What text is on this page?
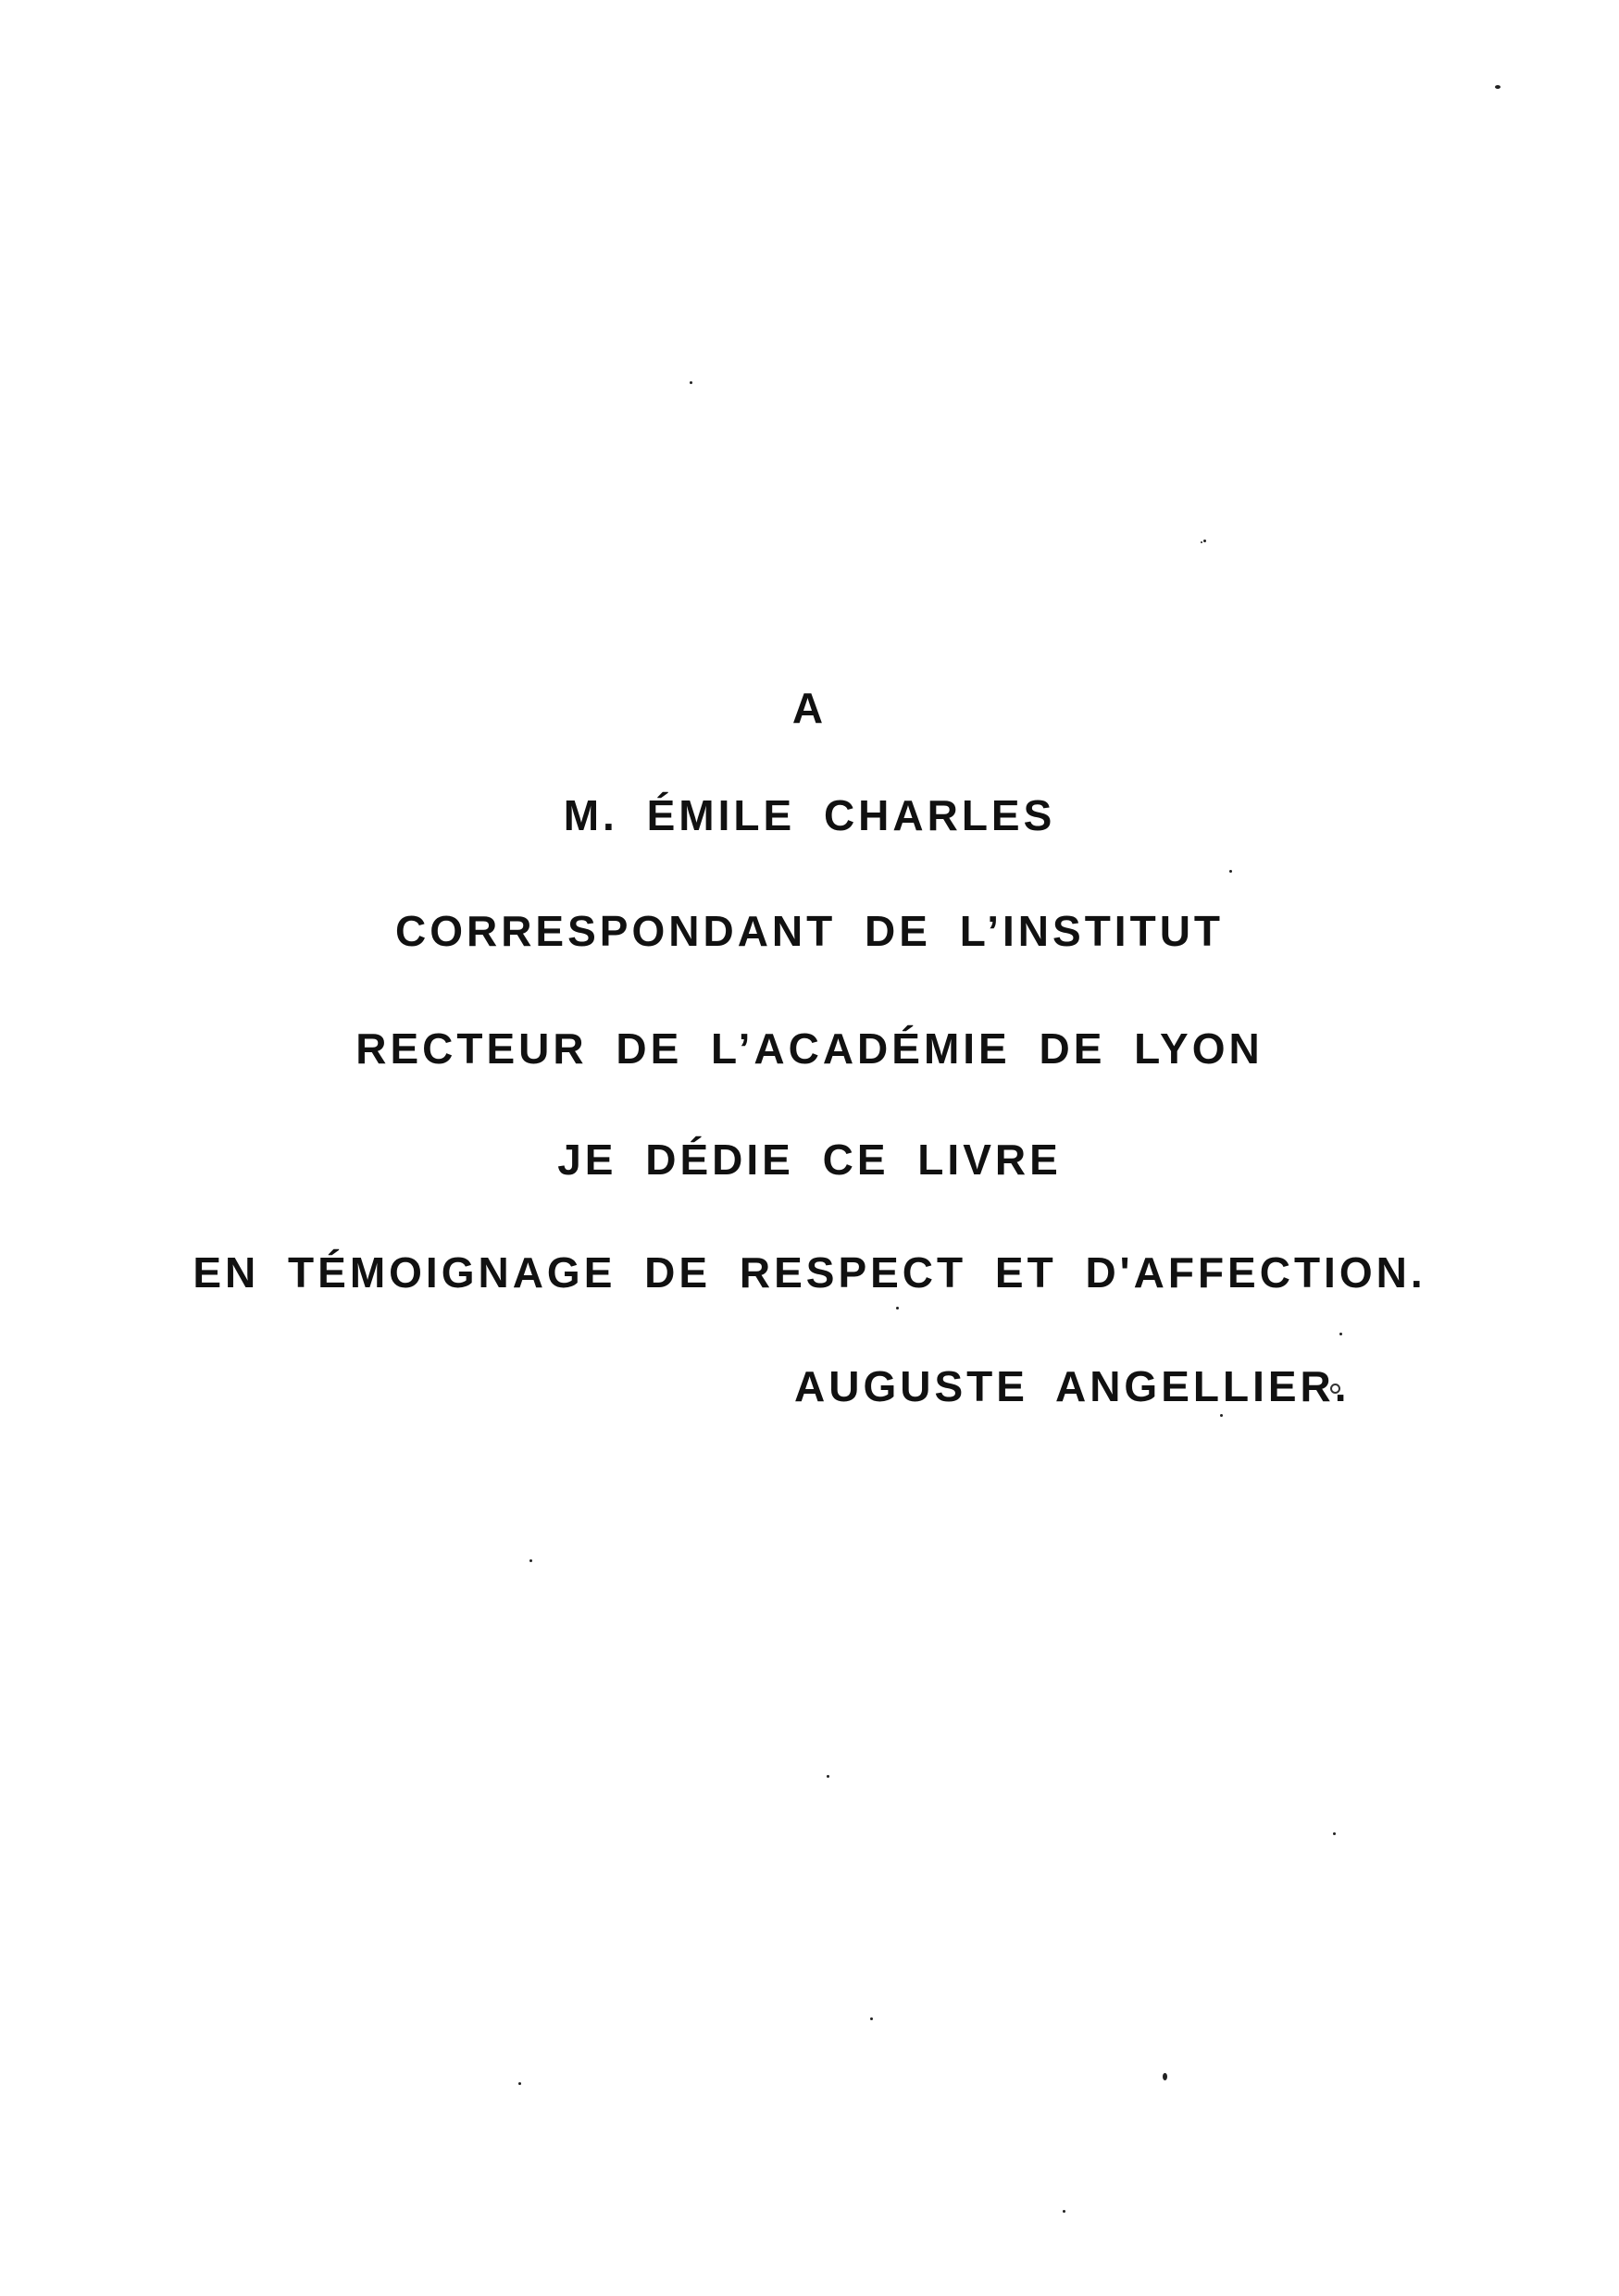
A
M. ÉMILE CHARLES
CORRESPONDANT DE L’INSTITUT
RECTEUR DE L’ACADÉMIE DE LYON
JE DÉDIE CE LIVRE
EN TÉMOIGNAGE DE RESPECT ET D'AFFECTION.
AUGUSTE ANGELLIER.
